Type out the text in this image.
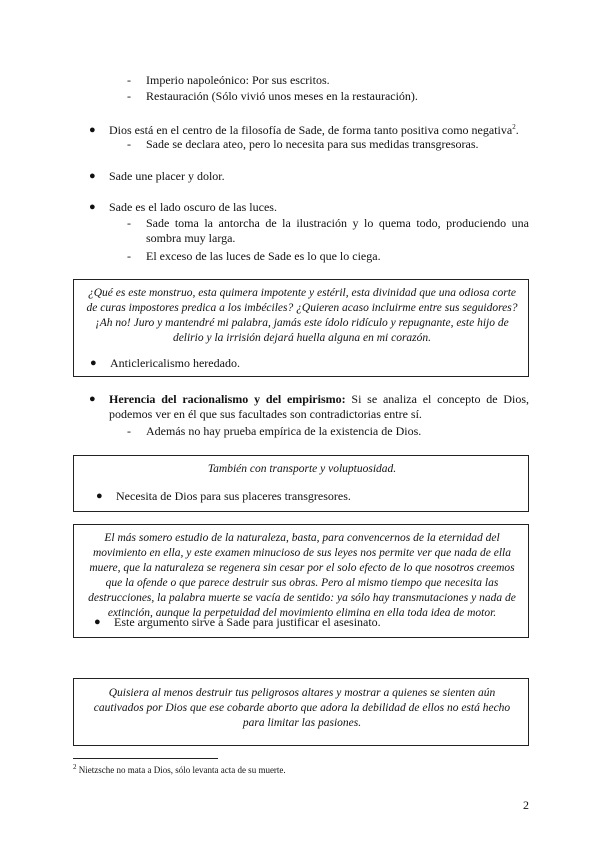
- Imperio napoleónico: Por sus escritos.
- Restauración (Sólo vivió unos meses en la restauración).
● Dios está en el centro de la filosofía de Sade, de forma tanto positiva como negativa$^2$.
- Sade se declara ateo, pero lo necesita para sus medidas transgresoras.
● Sade une placer y dolor.
● Sade es el lado oscuro de las luces.
- Sade toma la antorcha de la ilustración y lo quema todo, produciendo una sombra muy larga.
- El exceso de las luces de Sade es lo que lo ciega.
¿Qué es este monstruo, esta quimera impotente y estéril, esta divinidad que una odiosa corte de curas impostores predica a los imbéciles? ¿Quieren acaso incluirme entre sus seguidores? ¡Ah no! Juro y mantendré mi palabra, jamás este ídolo ridículo y repugnante, este hijo de delirio y la irrisión dejará huella alguna en mi corazón.
● Anticlericalismo heredado.
● Herencia del racionalismo y del empirismo: Si se analiza el concepto de Dios, podemos ver en él que sus facultades son contradictorias entre sí.
- Además no hay prueba empírica de la existencia de Dios.
También con transporte y voluptuosidad.
● Necesita de Dios para sus placeres transgresores.
El más somero estudio de la naturaleza, basta, para convencernos de la eternidad del movimiento en ella, y este examen minucioso de sus leyes nos permite ver que nada de ella muere, que la naturaleza se regenera sin cesar por el solo efecto de lo que nosotros creemos que la ofende o que parece destruir sus obras. Pero al mismo tiempo que necesita las destrucciones, la palabra muerte se vacía de sentido: ya sólo hay transmutaciones y nada de extinción, aunque la perpetuidad del movimiento elimina en ella toda idea de motor.
● Este argumento sirve a Sade para justificar el asesinato.
Quisiera al menos destruir tus peligrosos altares y mostrar a quienes se sienten aún cautivados por Dios que ese cobarde aborto que adora la debilidad de ellos no está hecho para limitar las pasiones.
$^2$ Nietzsche no mata a Dios, sólo levanta acta de su muerte.
2
